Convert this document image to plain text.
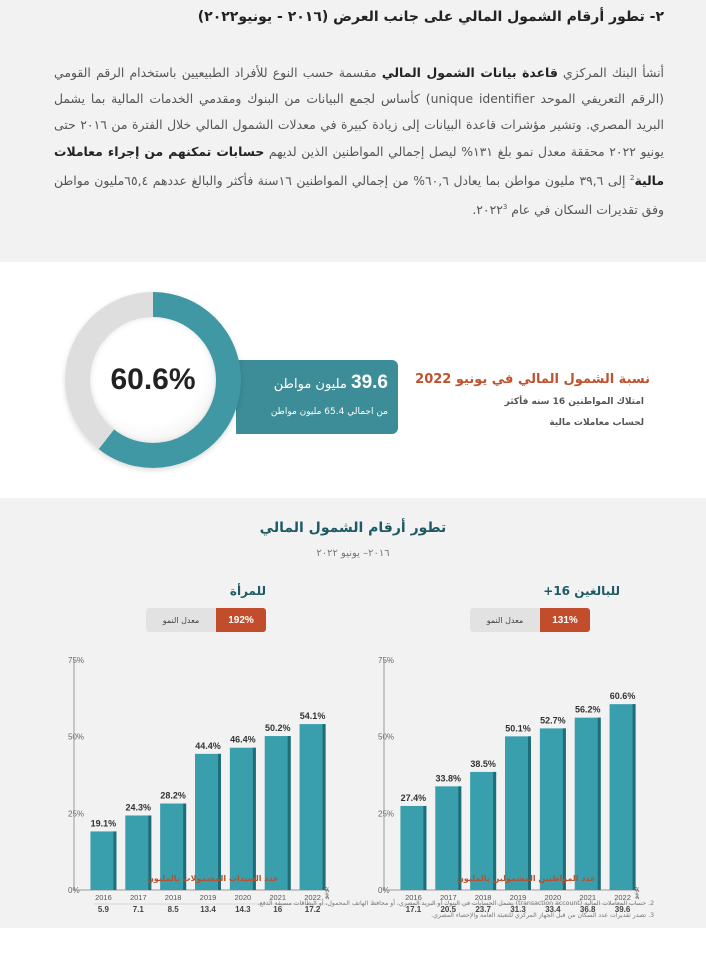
٢- تطور أرقام الشمول المالي على جانب العرض (٢٠١٦ - يونيو٢٠٢٢)

أنشأ البنك المركزي قاعدة بيانات الشمول المالي مقسمة حسب النوع للأفراد الطبيعيين باستخدام الرقم القومي (الرقم التعريفي الموحد unique identifier) كأساس لجمع البيانات من البنوك ومقدمي الخدمات المالية بما يشمل البريد المصري. وتشير مؤشرات قاعدة البيانات إلى زيادة كبيرة في معدلات الشمول المالي خلال الفترة من ٢٠١٦ حتى يونيو ٢٠٢٢ محققة معدل نمو بلغ ١٣١% ليصل إجمالي المواطنين الذين لديهم حسابات تمكنهم من إجراء معاملات مالية$^2$ إلى ٣٩,٦ مليون مواطن بما يعادل ٦٠,٦% من إجمالي المواطنين ١٦سنة فأكثر والبالغ عددهم ٦٥,٤مليون مواطن وفق تقديرات السكان في عام ٢٠٢٢$^3$.

39.6 مليون مواطن
من اجمالي 65.4 مليون مواطن
60.6%	نسبة الشمول المالي في يونيو 2022
امتلاك المواطنين 16 سنه فأكثر
لحساب معاملات مالية
تطور أرقام الشمول المالي
٢٠١٦– يونيو ٢٠٢٢
للبالغين 16+
معدل النمو	131%
0%
25%
50%
75%
27.4%
2016
17.1
33.8%
2017
20.5
38.5%
2018
23.7
50.1%
2019
31.3
52.7%
2020
33.4
56.2%
2021
36.8
60.6%
2022 يونيو
39.6
عدد المواطنين المشمولين بالمليون
للمرأة
معدل النمو	192%
0%
25%
50%
75%
19.1%
2016
5.9
24.3%
2017
7.1
28.2%
2018
8.5
44.4%
2019
13.4
46.4%
2020
14.3
50.2%
2021
16
54.1%
2022 يونيو
17.2
عدد السيدات المشمولات بالمليون
2. حساب المعاملات المالية (transaction account) يشمل الحسابات في البنوك أو البريد المصري، أو محافظ الهاتف المحمول، أو البطاقات مسبقة الدفع.
3. تصدر تقديرات عدد السكان من قبل الجهاز المركزي للتعبئة العامة والإحصاء المصري.
